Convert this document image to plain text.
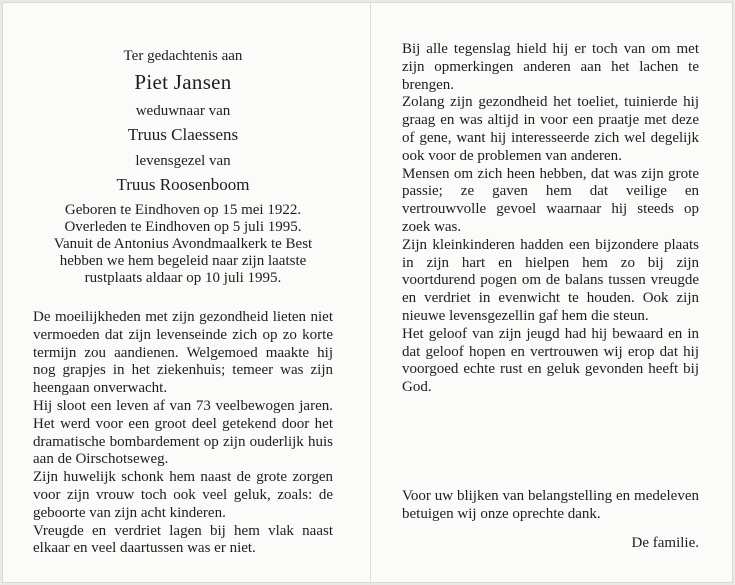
Ter gedachtenis aan
Piet Jansen
weduwnaar van
Truus Claessens
levensgezel van
Truus Roosenboom
Geboren te Eindhoven op 15 mei 1922.
Overleden te Eindhoven op 5 juli 1995.
Vanuit de Antonius Avondmaalkerk te Best
hebben we hem begeleid naar zijn laatste
rustplaats aldaar op 10 juli 1995.

De moeilijkheden met zijn gezondheid lieten niet vermoeden dat zijn levenseinde zich op zo korte termijn zou aandienen. Welgemoed maakte hij nog grapjes in het ziekenhuis; temeer was zijn heengaan onverwacht.

Hij sloot een leven af van 73 veelbewogen jaren. Het werd voor een groot deel getekend door het dramatische bombardement op zijn ouderlijk huis aan de Oirschotseweg.

Zijn huwelijk schonk hem naast de grote zorgen voor zijn vrouw toch ook veel geluk, zoals: de geboorte van zijn acht kinderen.

Vreugde en verdriet lagen bij hem vlak naast elkaar en veel daartussen was er niet.

Bij alle tegenslag hield hij er toch van om met zijn opmerkingen anderen aan het lachen te brengen.

Zolang zijn gezondheid het toeliet, tuinierde hij graag en was altijd in voor een praatje met deze of gene, want hij interesseerde zich wel degelijk ook voor de problemen van anderen.

Mensen om zich heen hebben, dat was zijn grote passie; ze gaven hem dat veilige en vertrouwvolle gevoel waarnaar hij steeds op zoek was.

Zijn kleinkinderen hadden een bijzondere plaats in zijn hart en hielpen hem zo bij zijn voortdurend pogen om de balans tussen vreugde en verdriet in evenwicht te houden. Ook zijn nieuwe levensgezellin gaf hem die steun.

Het geloof van zijn jeugd had hij bewaard en in dat geloof hopen en vertrouwen wij erop dat hij voorgoed echte rust en geluk gevonden heeft bij God.

Voor uw blijken van belangstelling en medeleven betuigen wij onze oprechte dank.

De familie.
